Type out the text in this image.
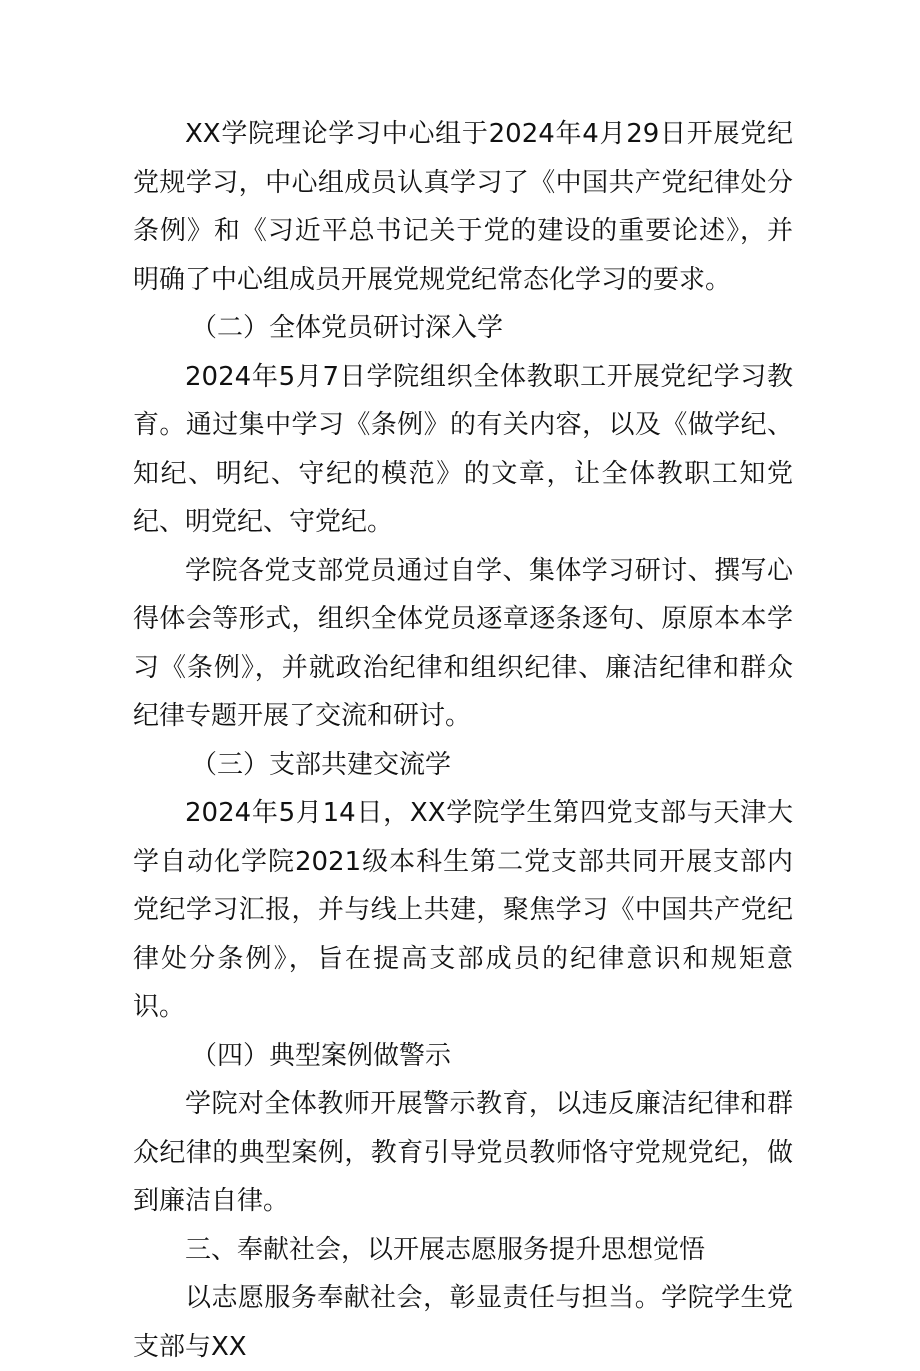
XX学院理论学习中心组于2024年4月29日开展党纪党规学习，中心组成员认真学习了《中国共产党纪律处分条例》和《习近平总书记关于党的建设的重要论述》，并明确了中心组成员开展党规党纪常态化学习的要求。

（二）全体党员研讨深入学

2024年5月7日学院组织全体教职工开展党纪学习教育。通过集中学习《条例》的有关内容，以及《做学纪、知纪、明纪、守纪的模范》的文章，让全体教职工知党纪、明党纪、守党纪。

学院各党支部党员通过自学、集体学习研讨、撰写心得体会等形式，组织全体党员逐章逐条逐句、原原本本学习《条例》，并就政治纪律和组织纪律、廉洁纪律和群众纪律专题开展了交流和研讨。

（三）支部共建交流学

2024年5月14日，XX学院学生第四党支部与天津大学自动化学院2021级本科生第二党支部共同开展支部内党纪学习汇报，并与线上共建，聚焦学习《中国共产党纪律处分条例》，旨在提高支部成员的纪律意识和规矩意识。

（四）典型案例做警示

学院对全体教师开展警示教育，以违反廉洁纪律和群众纪律的典型案例，教育引导党员教师恪守党规党纪，做到廉洁自律。

三、奉献社会，以开展志愿服务提升思想觉悟

以志愿服务奉献社会，彰显责任与担当。学院学生党支部与XX
